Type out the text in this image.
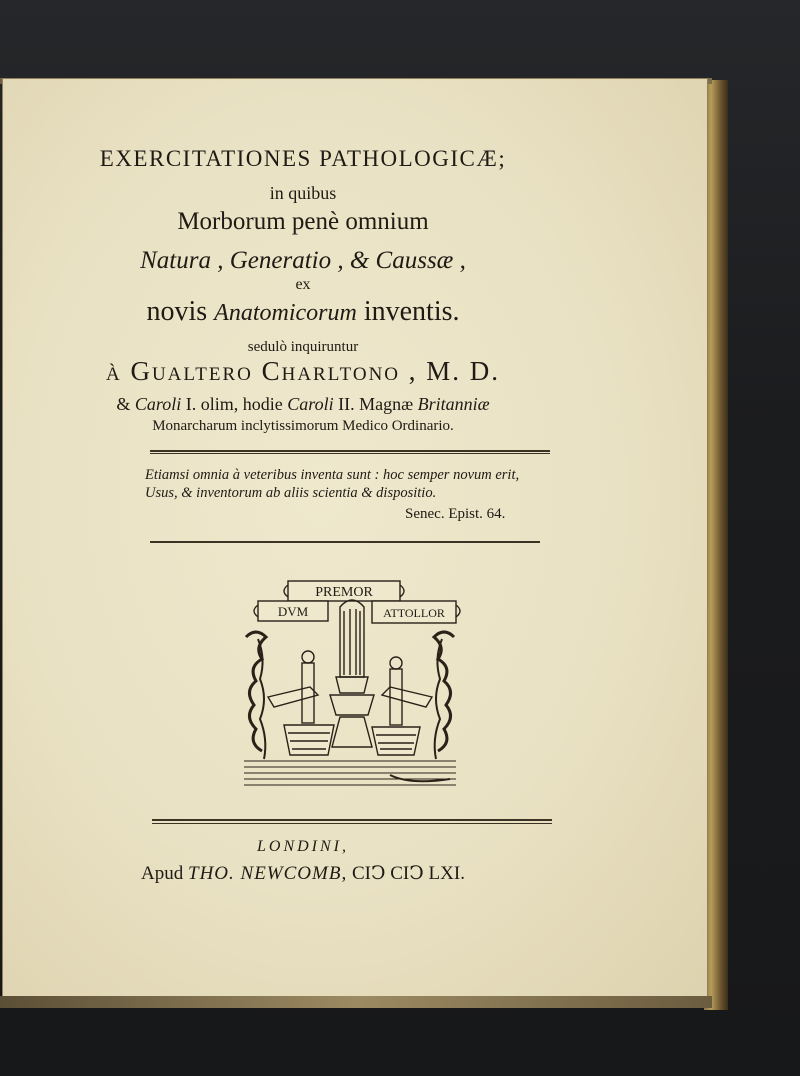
EXERCITATIONES PATHOLOGICÆ;
in quibus
Morborum penè omnium
Natura , Generatio , & Caussæ ,
ex
novis Anatomicorum inventis.
sedulò inquiruntur
à Gualtero Charltono , M. D.
& Caroli I. olim, hodie Caroli II. Magnæ Britanniæ
Monarcharum inclytissimorum Medico Ordinario.
Etiamsi omnia à veteribus inventa sunt : hoc semper novum erit,
Usus, & inventorum ab aliis scientia & dispositio.
Senec. Epist. 64.
PREMOR
DVM	ATTOLLOR
LONDINI,
Apud THO. NEWCOMB, CIↃ CIↃ LXI.
